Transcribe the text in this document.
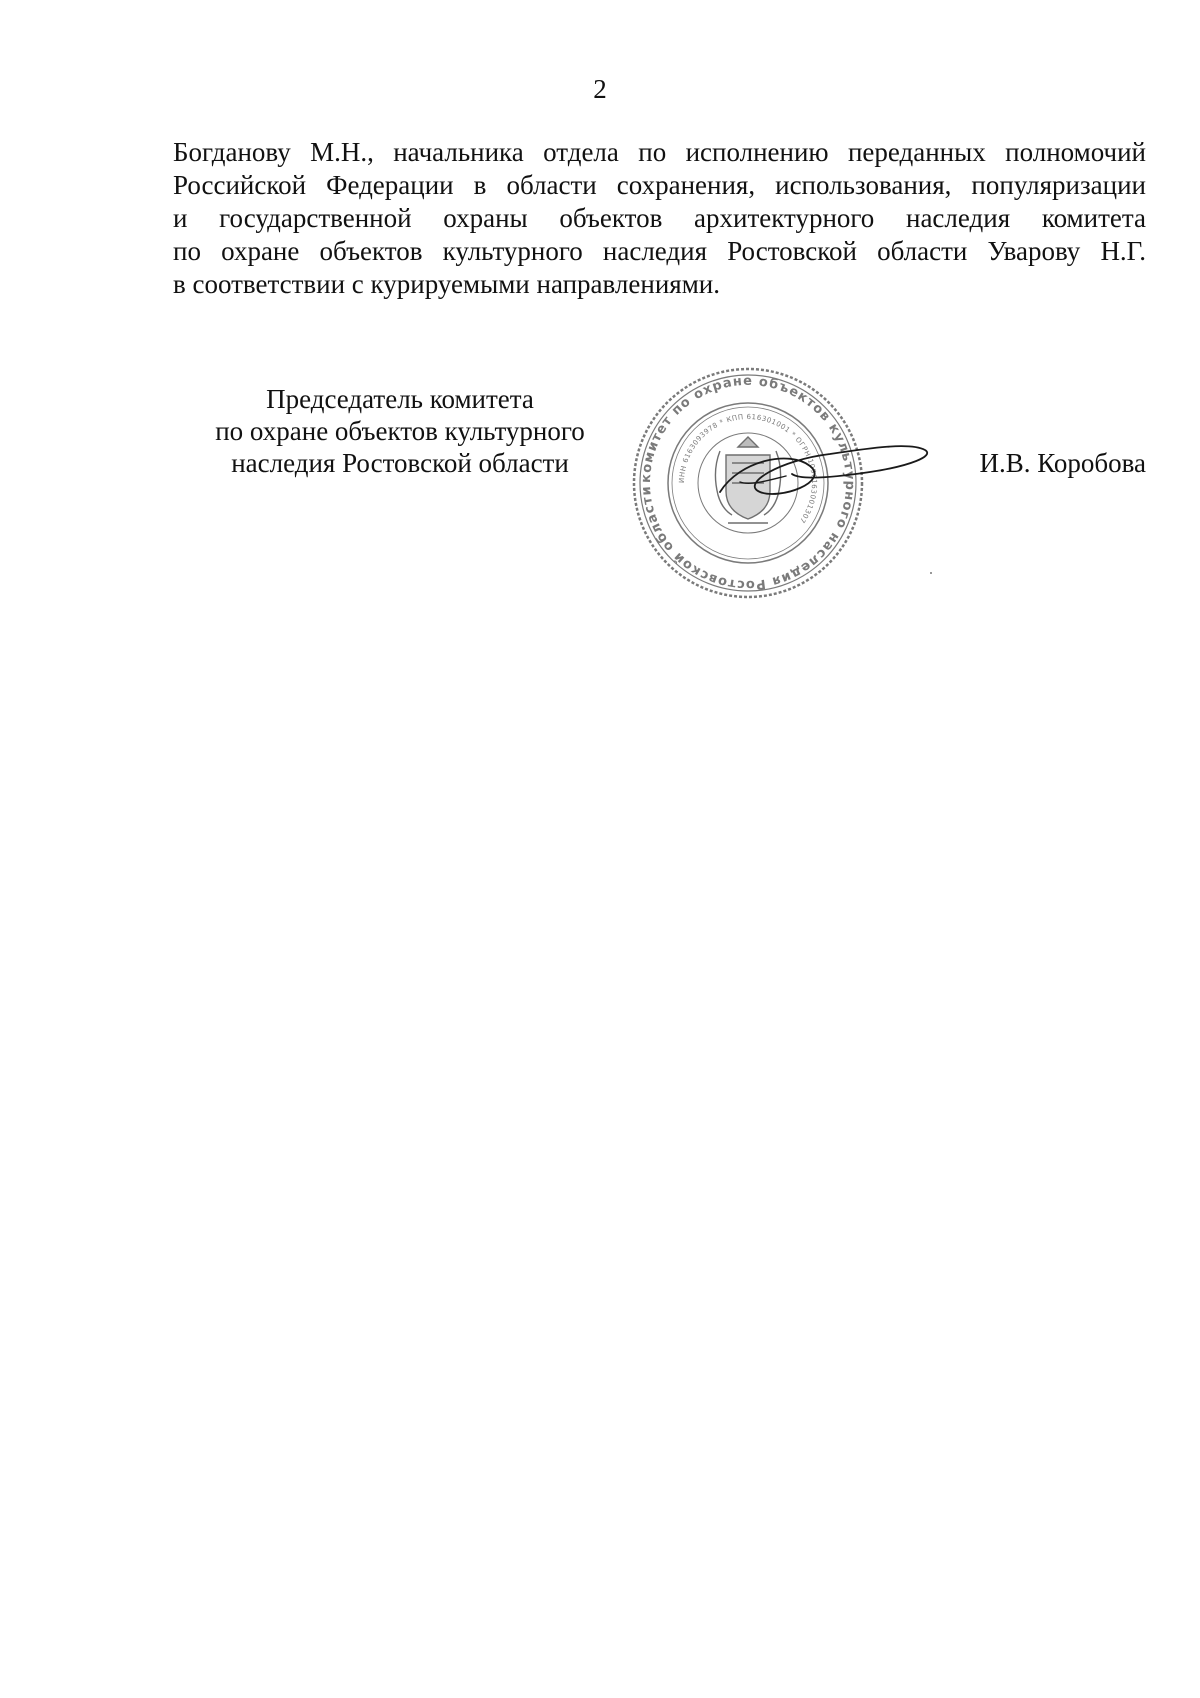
2
Богданову М.Н., начальника отдела по исполнению переданных полномочий
Российской Федерации в области сохранения, использования, популяризации
и государственной охраны объектов архитектурного наследия комитета
по охране объектов культурного наследия Ростовской области Уварову Н.Г.
в соответствии с курируемыми направлениями.
Председатель комитета
по охране объектов культурного
наследия Ростовской области
комитет по охране объектов культурного наследия Ростовской области
ИНН 6163093978 * КПП 616301001 * ОГРН 1096163001307
И.В. Коробова
